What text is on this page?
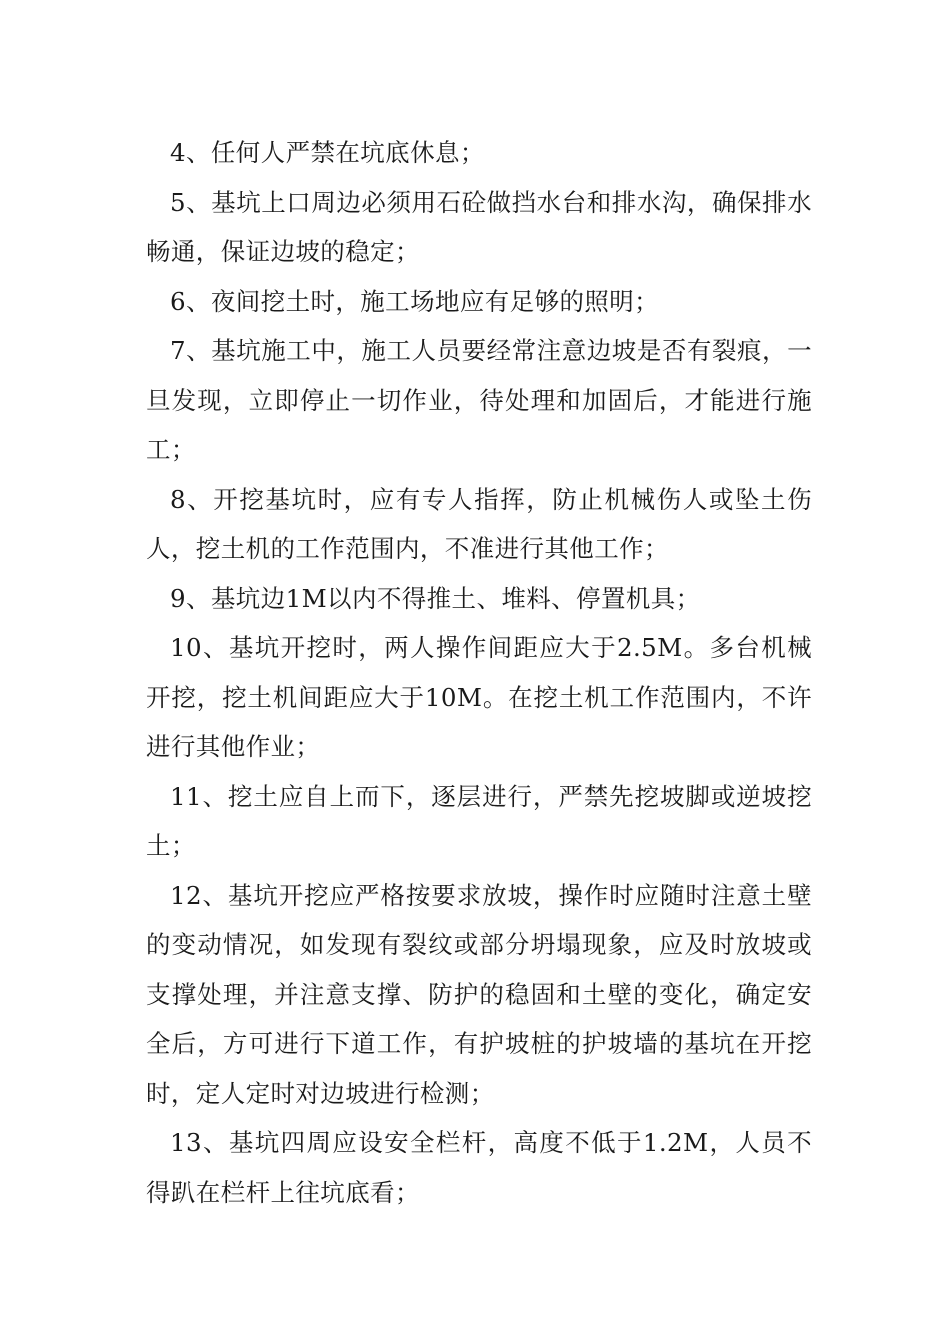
4、任何人严禁在坑底休息；

5、基坑上口周边必须用石砼做挡水台和排水沟，确保排水畅通，保证边坡的稳定；

6、夜间挖土时，施工场地应有足够的照明；

7、基坑施工中，施工人员要经常注意边坡是否有裂痕，一旦发现，立即停止一切作业，待处理和加固后，才能进行施工；

8、开挖基坑时，应有专人指挥，防止机械伤人或坠土伤人，挖土机的工作范围内，不准进行其他工作；

9、基坑边1M以内不得推土、堆料、停置机具；

10、基坑开挖时，两人操作间距应大于2.5M。多台机械开挖，挖土机间距应大于10M。在挖土机工作范围内，不许进行其他作业；

11、挖土应自上而下，逐层进行，严禁先挖坡脚或逆坡挖土；

12、基坑开挖应严格按要求放坡，操作时应随时注意土壁的变动情况，如发现有裂纹或部分坍塌现象，应及时放坡或支撑处理，并注意支撑、防护的稳固和土壁的变化，确定安全后，方可进行下道工作，有护坡桩的护坡墙的基坑在开挖时，定人定时对边坡进行检测；

13、基坑四周应设安全栏杆，高度不低于1.2M，人员不得趴在栏杆上往坑底看；
